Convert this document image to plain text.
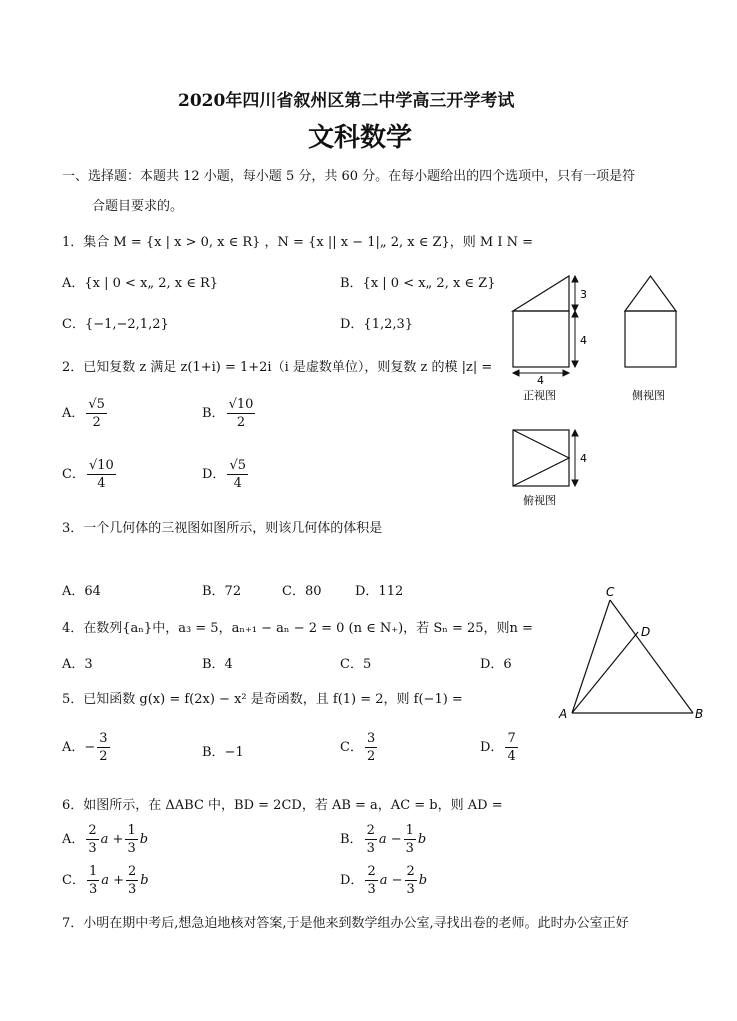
2020年四川省叙州区第二中学高三开学考试
文科数学
一、选择题：本题共 12 小题，每小题 5 分，共 60 分。在每小题给出的四个选项中，只有一项是符
合题目要求的。
1．集合 M = {x | x > 0, x ∈ R} ，N = {x || x − 1|„ 2, x ∈ Z}，则 M I N =
A．{x | 0 < x„ 2, x ∈ R}	B．{x | 0 < x„ 2, x ∈ Z}
C．{−1,−2,1,2}	D．{1,2,3}
2．已知复数 z 满足 z(1+i) = 1+2i（i 是虚数单位），则复数 z 的模 |z| =
A． $\frac{√5}{2}$	B． $\frac{√10}{2}$
C． $\frac{√10}{4}$	D． $\frac{√5}{4}$
3．一个几何体的三视图如图所示，则该几何体的体积是
A．64	B．72	C．80	D．112
4．在数列{aₙ}中，a₃ = 5，aₙ₊₁ − aₙ − 2 = 0 (n ∈ N₊)，若 Sₙ = 25，则n =
A．3	B．4	C．5	D．6
5．已知函数 g(x) = f(2x) − x² 是奇函数，且 f(1) = 2，则 f(−1) =
A．− $\frac{3}{2}$	B．−1	C． $\frac{3}{2}$	D． $\frac{7}{4}$
6．如图所示，在 ΔABC 中，BD = 2CD，若 AB = a，AC = b，则 AD =
A． $\frac{2}{3}$ $a + \frac{1}{3}$ b	B． $\frac{2}{3}$ $a - \frac{1}{3}$ b
C． $\frac{1}{3}$ $a + \frac{2}{3}$ b	D． $\frac{2}{3}$ $a - \frac{2}{3}$ b
7．小明在期中考后,想急迫地核对答案,于是他来到数学组办公室,寻找出卷的老师。此时办公室正好
3
4
4
正视图	侧视图
4
俯视图
A	B
C
D
